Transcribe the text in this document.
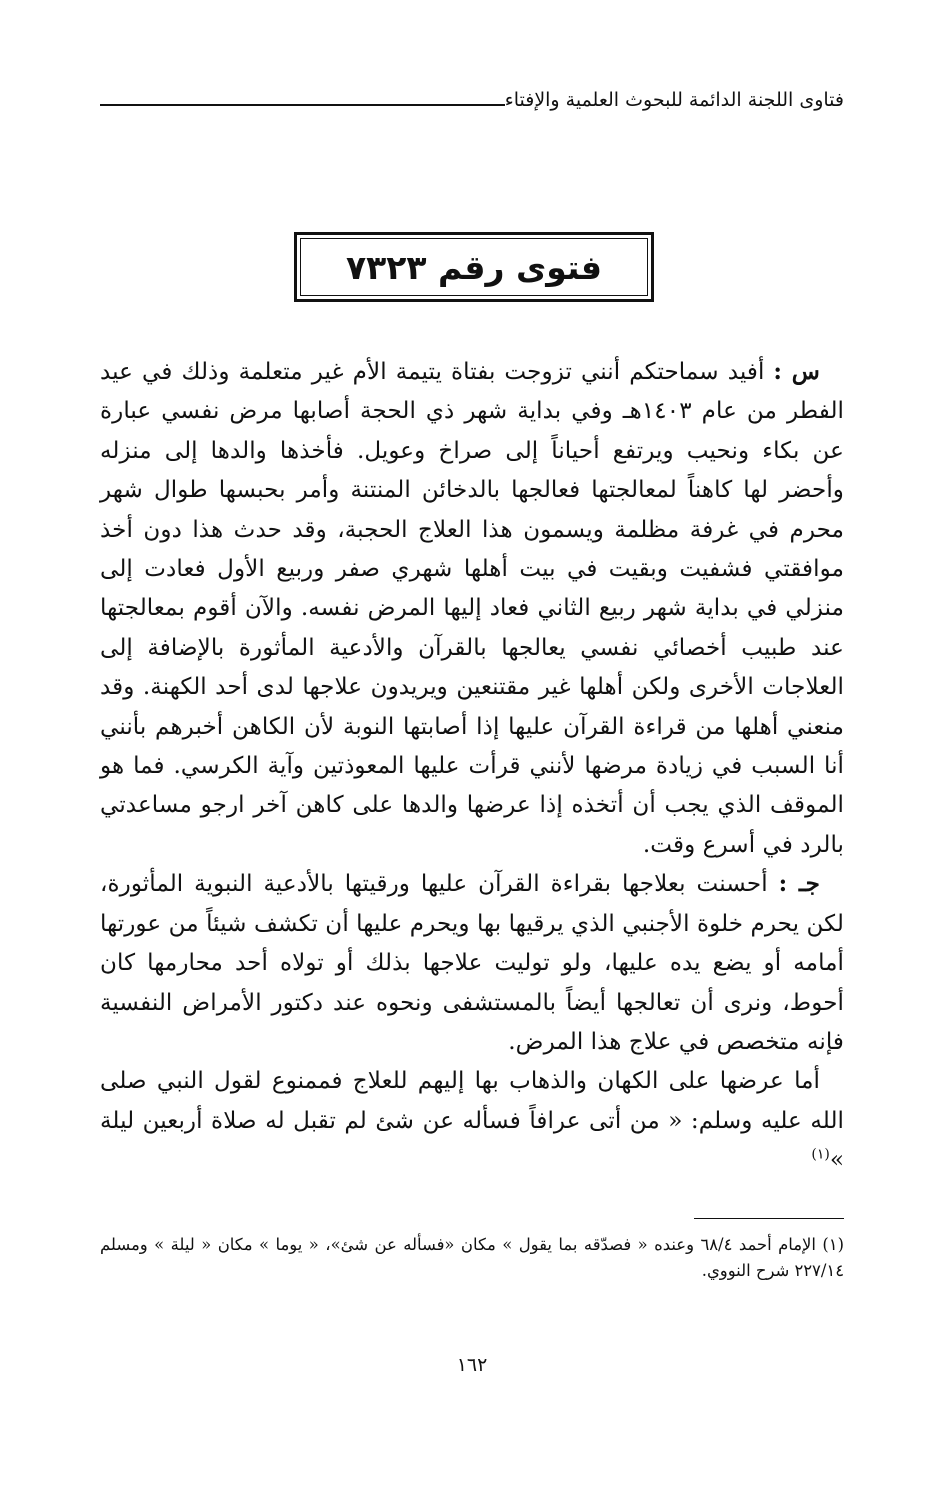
فتاوى اللجنة الدائمة للبحوث العلمية والإفتاء
فتوى رقم ٧٣٢٣

س : أفيد سماحتكم أنني تزوجت بفتاة يتيمة الأم غير متعلمة وذلك في عيد الفطر من عام ١٤٠٣هـ وفي بداية شهر ذي الحجة أصابها مرض نفسي عبارة عن بكاء ونحيب ويرتفع أحياناً إلى صراخ وعويل. فأخذها والدها إلى منزله وأحضر لها كاهناً لمعالجتها فعالجها بالدخائن المنتنة وأمر بحبسها طوال شهر محرم في غرفة مظلمة ويسمون هذا العلاج الحجبة، وقد حدث هذا دون أخذ موافقتي فشفيت وبقيت في بيت أهلها شهري صفر وربيع الأول فعادت إلى منزلي في بداية شهر ربيع الثاني فعاد إليها المرض نفسه. والآن أقوم بمعالجتها عند طبيب أخصائي نفسي يعالجها بالقرآن والأدعية المأثورة بالإضافة إلى العلاجات الأخرى ولكن أهلها غير مقتنعين ويريدون علاجها لدى أحد الكهنة. وقد منعني أهلها من قراءة القرآن عليها إذا أصابتها النوبة لأن الكاهن أخبرهم بأنني أنا السبب في زيادة مرضها لأنني قرأت عليها المعوذتين وآية الكرسي. فما هو الموقف الذي يجب أن أتخذه إذا عرضها والدها على كاهن آخر ارجو مساعدتي بالرد في أسرع وقت.

جـ : أحسنت بعلاجها بقراءة القرآن عليها ورقيتها بالأدعية النبوية المأثورة، لكن يحرم خلوة الأجنبي الذي يرقيها بها ويحرم عليها أن تكشف شيئاً من عورتها أمامه أو يضع يده عليها، ولو توليت علاجها بذلك أو تولاه أحد محارمها كان أحوط، ونرى أن تعالجها أيضاً بالمستشفى ونحوه عند دكتور الأمراض النفسية فإنه متخصص في علاج هذا المرض.

أما عرضها على الكهان والذهاب بها إليهم للعلاج فممنوع لقول النبي صلى الله عليه وسلم: « من أتى عرافاً فسأله عن شئ لم تقبل له صلاة أربعين ليلة »$^{(١)}$

(١) الإمام أحمد ٦٨/٤ وعنده « فصدّقه بما يقول » مكان «فسأله عن شئ»، « يوما » مكان « ليلة » ومسلم ٢٢٧/١٤ شرح النووي.

١٦٢
